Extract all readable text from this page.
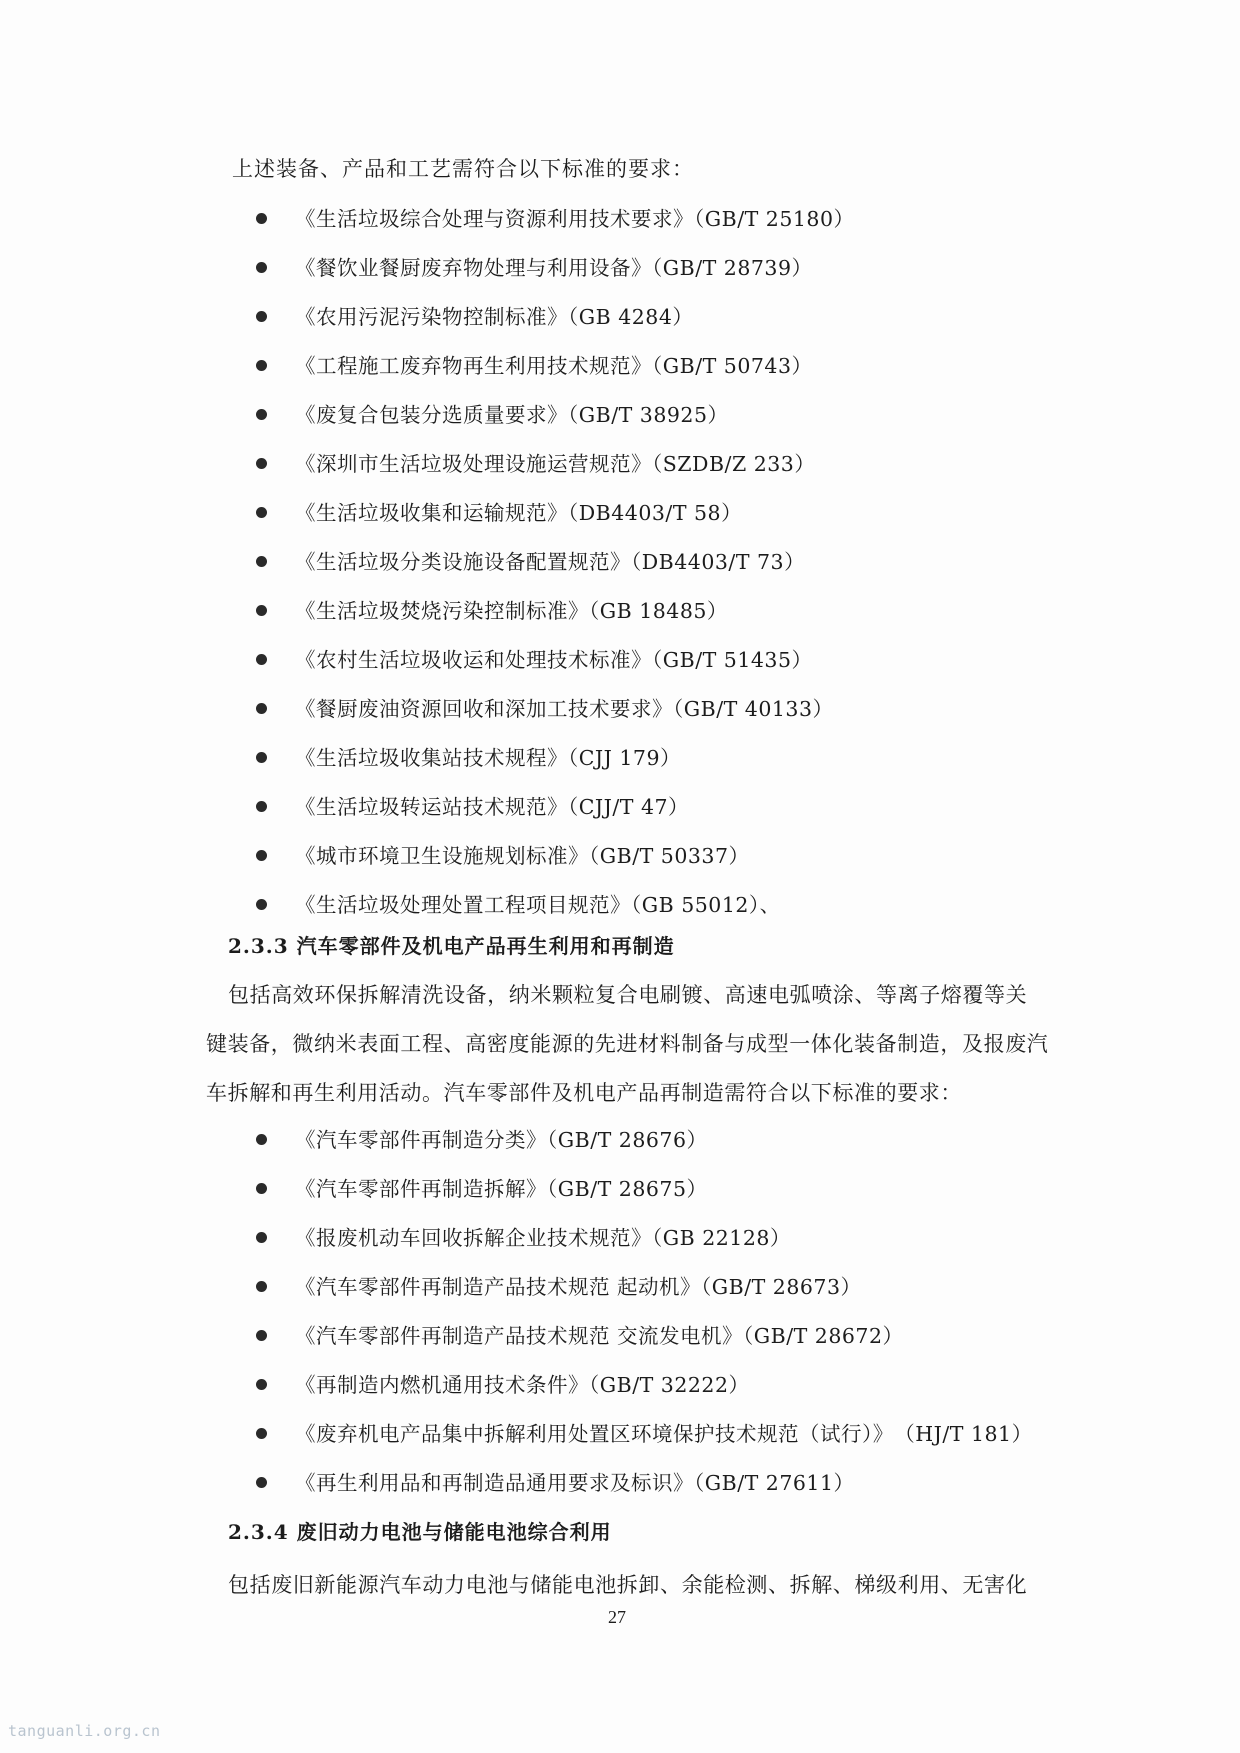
上述装备、产品和工艺需符合以下标准的要求：
《生活垃圾综合处理与资源利用技术要求》（GB/T 25180）
《餐饮业餐厨废弃物处理与利用设备》（GB/T 28739）
《农用污泥污染物控制标准》（GB 4284）
《工程施工废弃物再生利用技术规范》（GB/T 50743）
《废复合包装分选质量要求》（GB/T 38925）
《深圳市生活垃圾处理设施运营规范》（SZDB/Z 233）
《生活垃圾收集和运输规范》（DB4403/T 58）
《生活垃圾分类设施设备配置规范》（DB4403/T 73）
《生活垃圾焚烧污染控制标准》（GB 18485）
《农村生活垃圾收运和处理技术标准》（GB/T 51435）
《餐厨废油资源回收和深加工技术要求》（GB/T 40133）
《生活垃圾收集站技术规程》（CJJ 179）
《生活垃圾转运站技术规范》（CJJ/T 47）
《城市环境卫生设施规划标准》（GB/T 50337）
《生活垃圾处理处置工程项目规范》（GB 55012）、
2.3.3 汽车零部件及机电产品再生利用和再制造
包括高效环保拆解清洗设备，纳米颗粒复合电刷镀、高速电弧喷涂、等离子熔覆等关
键装备，微纳米表面工程、高密度能源的先进材料制备与成型一体化装备制造，及报废汽
车拆解和再生利用活动。汽车零部件及机电产品再制造需符合以下标准的要求：
《汽车零部件再制造分类》（GB/T 28676）
《汽车零部件再制造拆解》（GB/T 28675）
《报废机动车回收拆解企业技术规范》（GB 22128）
《汽车零部件再制造产品技术规范 起动机》（GB/T 28673）
《汽车零部件再制造产品技术规范 交流发电机》（GB/T 28672）
《再制造内燃机通用技术条件》（GB/T 32222）
《废弃机电产品集中拆解利用处置区环境保护技术规范（试行）》　（HJ/T 181）
《再生利用品和再制造品通用要求及标识》（GB/T 27611）
2.3.4 废旧动力电池与储能电池综合利用
包括废旧新能源汽车动力电池与储能电池拆卸、余能检测、拆解、梯级利用、无害化
27
tanguanli.org.cn
